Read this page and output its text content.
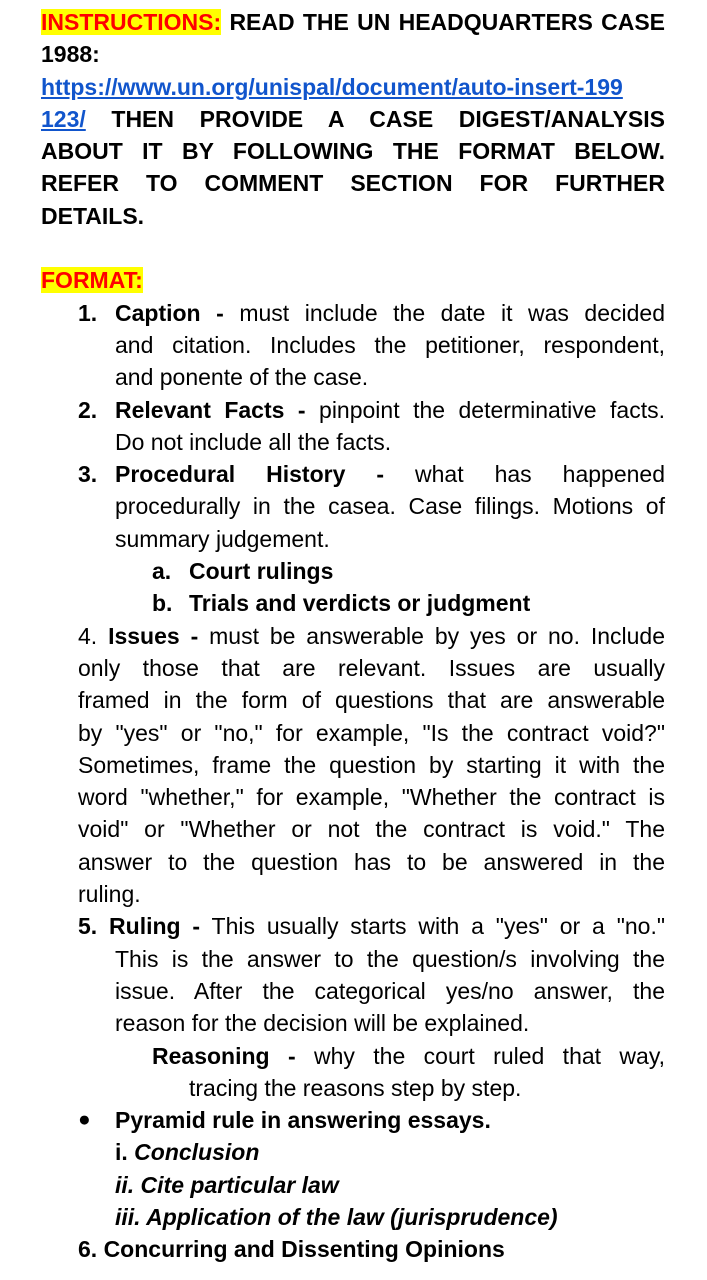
INSTRUCTIONS: READ THE UN HEADQUARTERS CASE
1988:
https://www.un.org/unispal/document/auto-insert-199
123/ THEN PROVIDE A CASE DIGEST/ANALYSIS
ABOUT IT BY FOLLOWING THE FORMAT BELOW.
REFER TO COMMENT SECTION FOR FURTHER
DETAILS.
FORMAT:
1. Caption - must include the date it was decided
and citation. Includes the petitioner, respondent,
and ponente of the case.
2. Relevant Facts - pinpoint the determinative facts.
Do not include all the facts.
3. Procedural History - what has happened
procedurally in the casea. Case filings. Motions of
summary judgement.
a. Court rulings
b. Trials and verdicts or judgment
4. Issues - must be answerable by yes or no. Include
only those that are relevant. Issues are usually
framed in the form of questions that are answerable
by "yes" or "no," for example, "Is the contract void?"
Sometimes, frame the question by starting it with the
word "whether," for example, "Whether the contract is
void" or "Whether or not the contract is void." The
answer to the question has to be answered in the
ruling.
5. Ruling - This usually starts with a "yes" or a "no."
This is the answer to the question/s involving the
issue. After the categorical yes/no answer, the
reason for the decision will be explained.
Reasoning - why the court ruled that way,
tracing the reasons step by step.
● Pyramid rule in answering essays.
i. Conclusion
ii. Cite particular law
iii. Application of the law (jurisprudence)
6. Concurring and Dissenting Opinions
